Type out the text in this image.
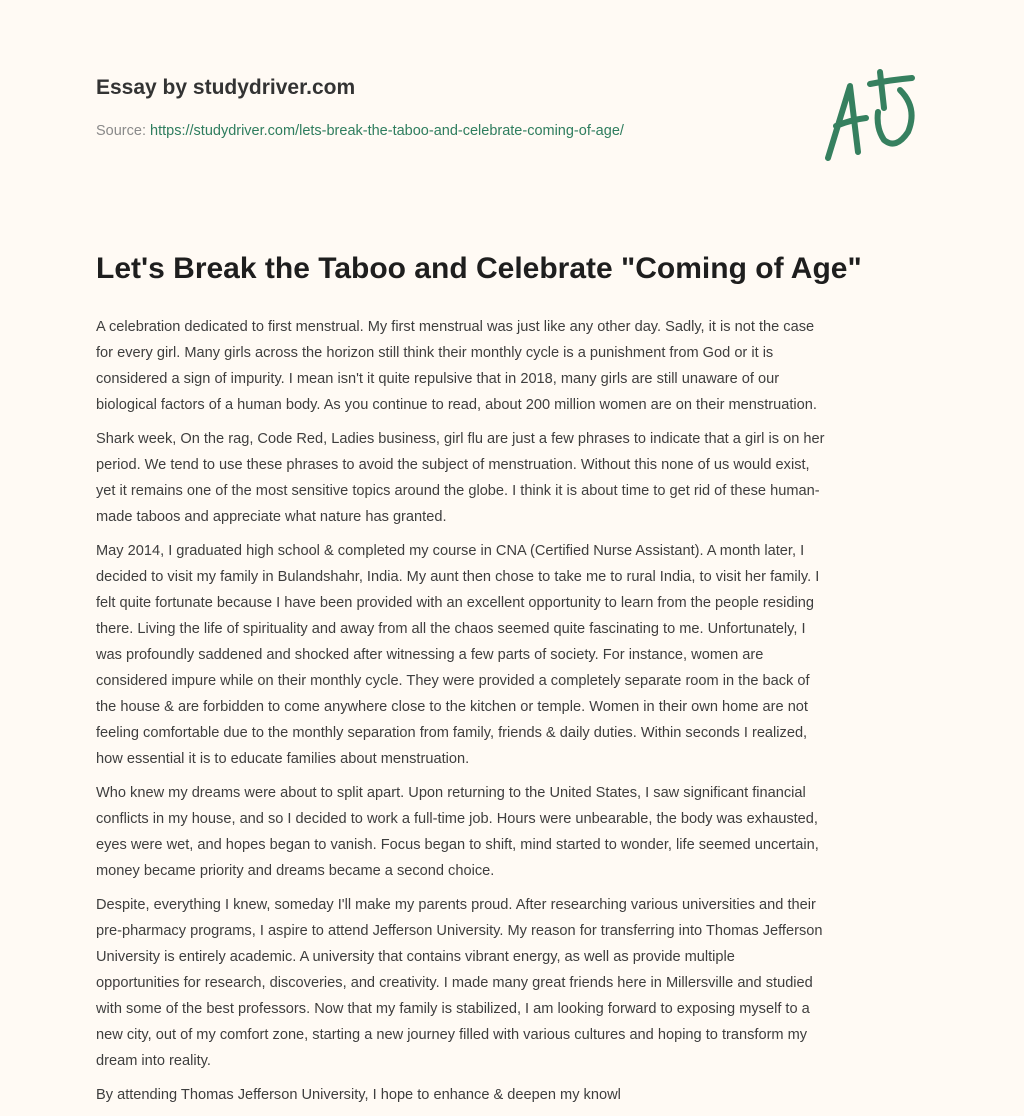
Essay by studydriver.com
Source: https://studydriver.com/lets-break-the-taboo-and-celebrate-coming-of-age/
Let's Break the Taboo and Celebrate "Coming of Age"

A celebration dedicated to first menstrual. My first menstrual was just like any other day. Sadly, it is not the case
for every girl. Many girls across the horizon still think their monthly cycle is a punishment from God or it is
considered a sign of impurity. I mean isn't it quite repulsive that in 2018, many girls are still unaware of our
biological factors of a human body. As you continue to read, about 200 million women are on their menstruation.

Shark week, On the rag, Code Red, Ladies business, girl flu are just a few phrases to indicate that a girl is on her
period. We tend to use these phrases to avoid the subject of menstruation. Without this none of us would exist,
yet it remains one of the most sensitive topics around the globe. I think it is about time to get rid of these human-
made taboos and appreciate what nature has granted.

May 2014, I graduated high school & completed my course in CNA (Certified Nurse Assistant). A month later, I
decided to visit my family in Bulandshahr, India. My aunt then chose to take me to rural India, to visit her family. I
felt quite fortunate because I have been provided with an excellent opportunity to learn from the people residing
there. Living the life of spirituality and away from all the chaos seemed quite fascinating to me. Unfortunately, I
was profoundly saddened and shocked after witnessing a few parts of society. For instance, women are
considered impure while on their monthly cycle. They were provided a completely separate room in the back of
the house & are forbidden to come anywhere close to the kitchen or temple. Women in their own home are not
feeling comfortable due to the monthly separation from family, friends & daily duties. Within seconds I realized,
how essential it is to educate families about menstruation.

Who knew my dreams were about to split apart. Upon returning to the United States, I saw significant financial
conflicts in my house, and so I decided to work a full-time job. Hours were unbearable, the body was exhausted,
eyes were wet, and hopes began to vanish. Focus began to shift, mind started to wonder, life seemed uncertain,
money became priority and dreams became a second choice.

Despite, everything I knew, someday I'll make my parents proud. After researching various universities and their
pre-pharmacy programs, I aspire to attend Jefferson University. My reason for transferring into Thomas Jefferson
University is entirely academic. A university that contains vibrant energy, as well as provide multiple
opportunities for research, discoveries, and creativity. I made many great friends here in Millersville and studied
with some of the best professors. Now that my family is stabilized, I am looking forward to exposing myself to a
new city, out of my comfort zone, starting a new journey filled with various cultures and hoping to transform my
dream into reality.

By attending Thomas Jefferson University, I hope to enhance & deepen my knowl
